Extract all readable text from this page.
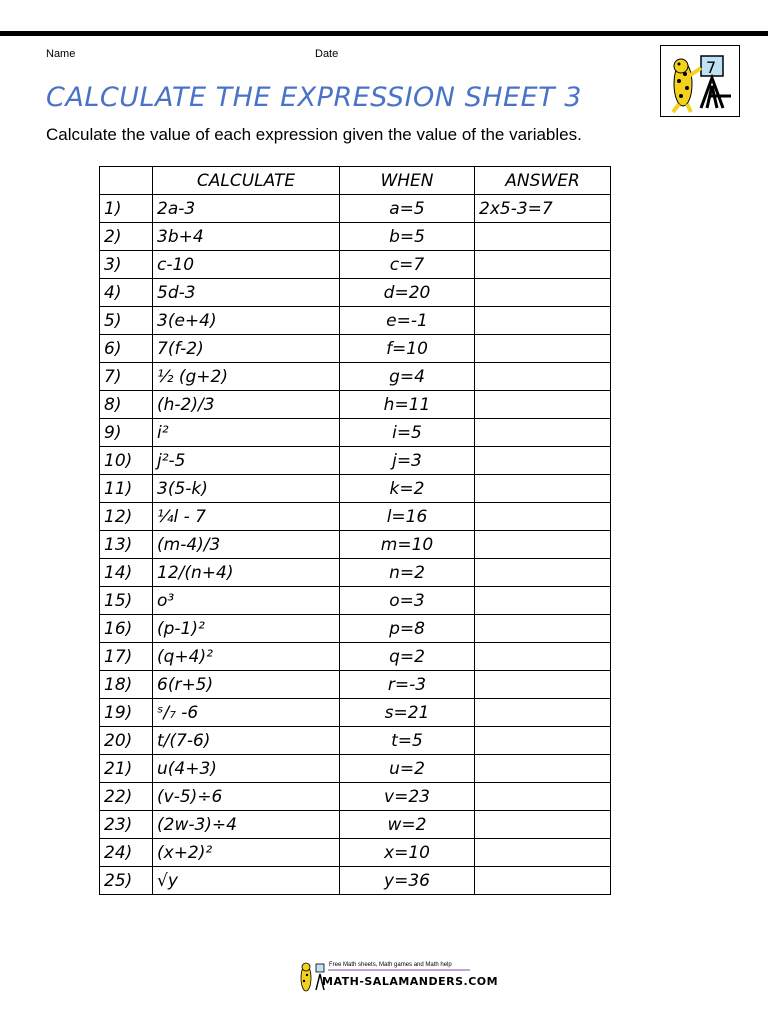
Name	Date
7
CALCULATE THE EXPRESSION SHEET 3
Calculate the value of each expression given the value of the variables.
	CALCULATE	WHEN	ANSWER
1)	2a-3	a=5	2x5-3=7
2)	3b+4	b=5	
3)	c-10	c=7	
4)	5d-3	d=20	
5)	3(e+4)	e=-1	
6)	7(f-2)	f=10	
7)	½ (g+2)	g=4	
8)	(h-2)/3	h=11	
9)	i²	i=5	
10)	j²-5	j=3	
11)	3(5-k)	k=2	
12)	¼l - 7	l=16	
13)	(m-4)/3	m=10	
14)	12/(n+4)	n=2	
15)	o³	o=3	
16)	(p-1)²	p=8	
17)	(q+4)²	q=2	
18)	6(r+5)	r=-3	
19)	ˢ/₇ -6	s=21	
20)	t/(7-6)	t=5	
21)	u(4+3)	u=2	
22)	(v-5)÷6	v=23	
23)	(2w-3)÷4	w=2	
24)	(x+2)²	x=10	
25)	√y	y=36	
Free Math sheets, Math games and Math help
MATH-SALAMANDERS.COM
